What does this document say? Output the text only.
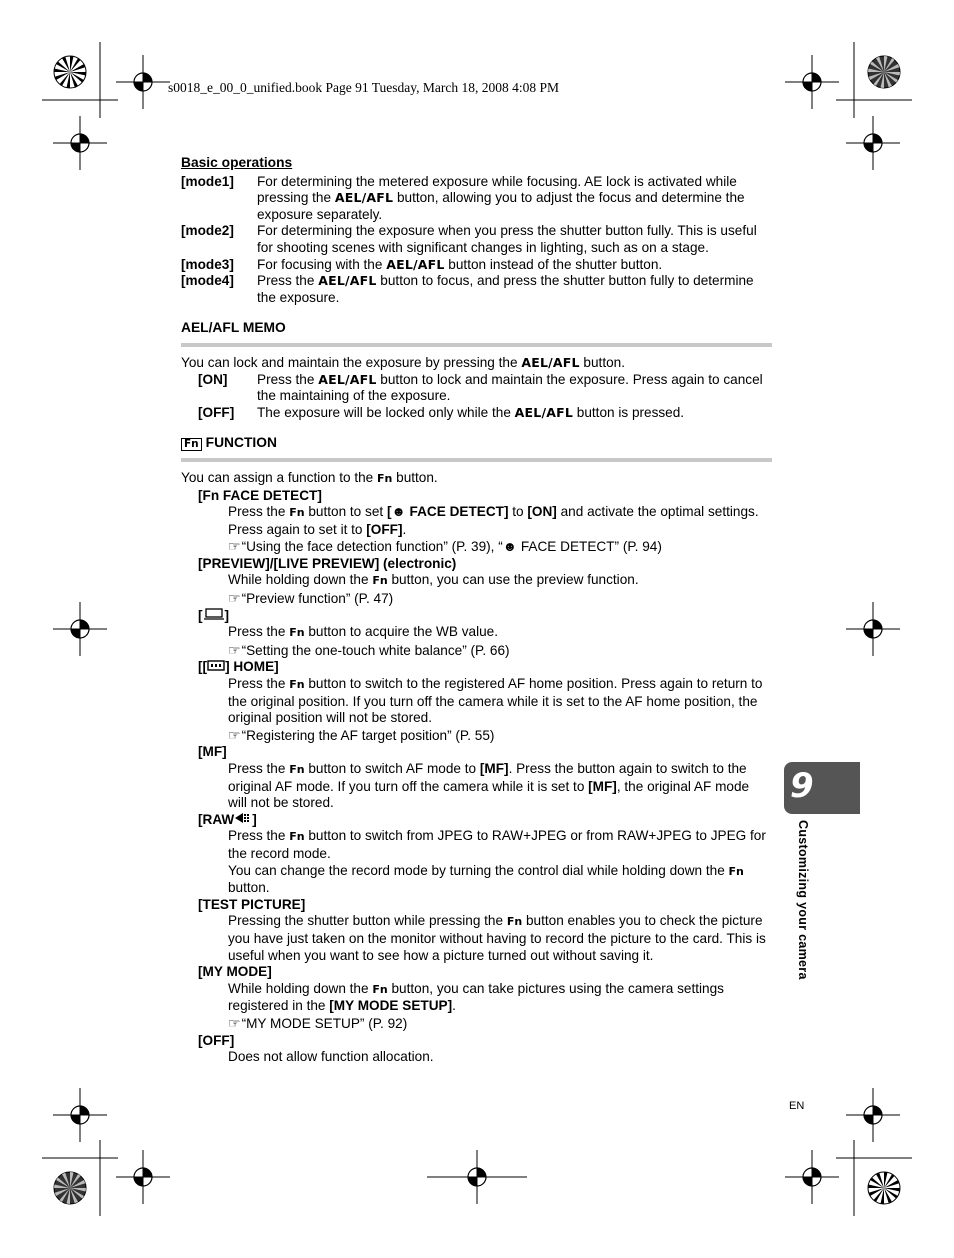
s0018_e_00_0_unified.book Page 91 Tuesday, March 18, 2008 4:08 PM
Basic operations
[mode1]	For determining the metered exposure while focusing. AE lock is activated while pressing the AEL/AFL button, allowing you to adjust the focus and determine the exposure separately.
[mode2]	For determining the exposure when you press the shutter button fully. This is useful for shooting scenes with significant changes in lighting, such as on a stage.
[mode3]	For focusing with the AEL/AFL button instead of the shutter button.
[mode4]	Press the AEL/AFL button to focus, and press the shutter button fully to determine the exposure.
AEL/AFL MEMO
You can lock and maintain the exposure by pressing the AEL/AFL button.
[ON]	Press the AEL/AFL button to lock and maintain the exposure. Press again to cancel the maintaining of the exposure.
[OFF]	The exposure will be locked only while the AEL/AFL button is pressed.
Fn FUNCTION
You can assign a function to the Fn button.
[Fn FACE DETECT]
Press the Fn button to set [☻ FACE DETECT] to [ON] and activate the optimal settings. Press again to set it to [OFF].
☞“Using the face detection function” (P. 39), “☻ FACE DETECT” (P. 94)
[PREVIEW]/[LIVE PREVIEW] (electronic)
While holding down the Fn button, you can use the preview function.
☞“Preview function” (P. 47)
[ ]
Press the Fn button to acquire the WB value.
☞“Setting the one-touch white balance” (P. 66)
[[ ] HOME]
Press the Fn button to switch to the registered AF home position. Press again to return to the original position. If you turn off the camera while it is set to the AF home position, the original position will not be stored.
☞“Registering the AF target position” (P. 55)
[MF]
Press the Fn button to switch AF mode to [MF]. Press the button again to switch to the original AF mode. If you turn off the camera while it is set to [MF], the original AF mode will not be stored.
[RAW ]
Press the Fn button to switch from JPEG to RAW+JPEG or from RAW+JPEG to JPEG for the record mode.
You can change the record mode by turning the control dial while holding down the Fn button.
[TEST PICTURE]
Pressing the shutter button while pressing the Fn button enables you to check the picture you have just taken on the monitor without having to record the picture to the card. This is useful when you want to see how a picture turned out without saving it.
[MY MODE]
While holding down the Fn button, you can take pictures using the camera settings registered in the [MY MODE SETUP].
☞“MY MODE SETUP” (P. 92)
[OFF]
Does not allow function allocation.
9
Customizing your camera
EN
